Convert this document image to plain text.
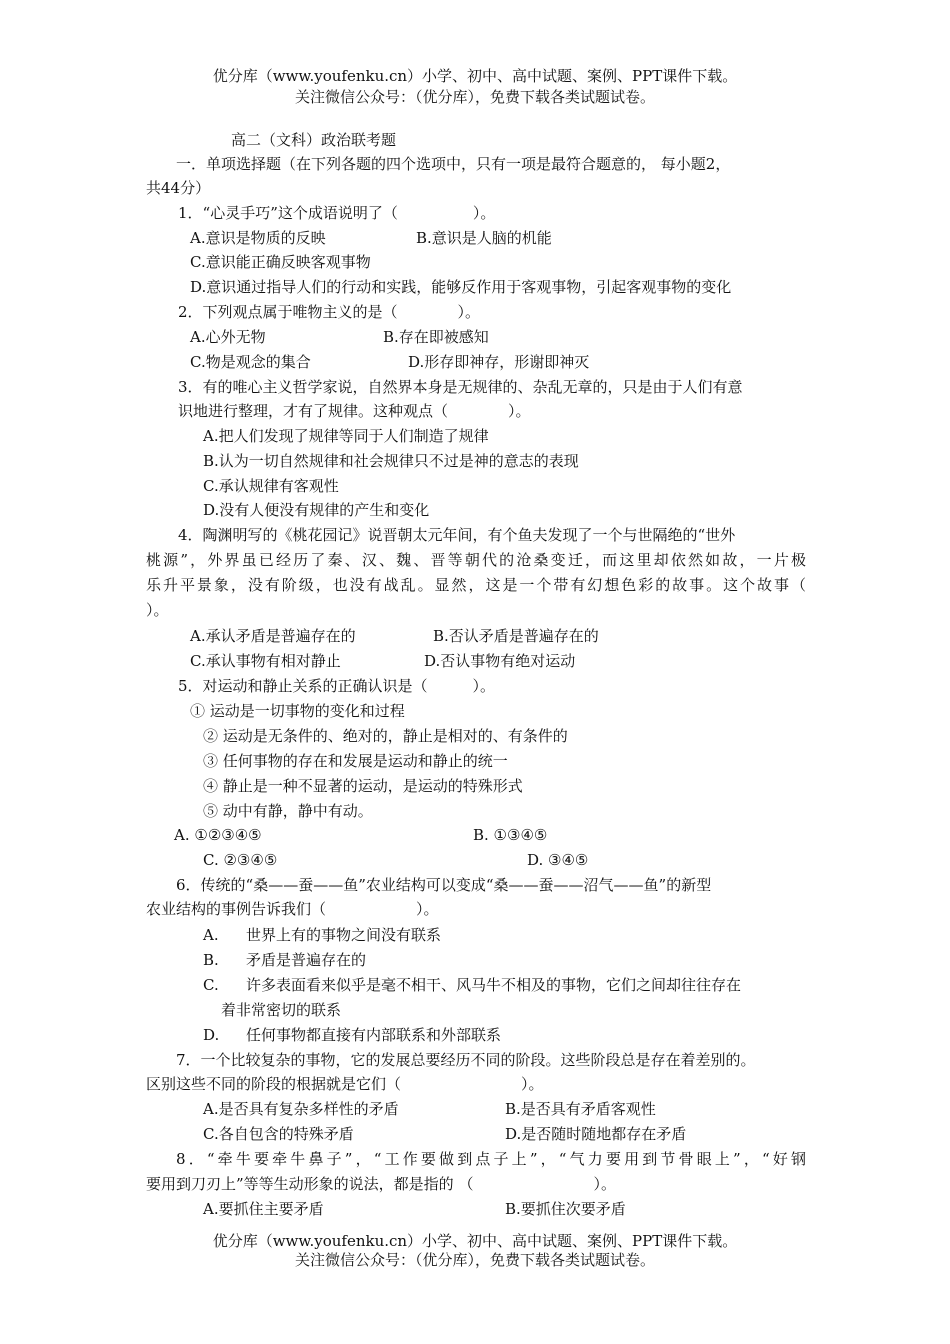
优分库（www.youfenku.cn）小学、初中、高中试题、案例、PPT课件下载。
关注微信公众号：（优分库），免费下载各类试题试卷。
高二（文科）政治联考题
一．单项选择题（在下列各题的四个选项中，只有一项是最符合题意的， 每小题2，
共44分）
1．“心灵手巧”这个成语说明了（　　　　　）。
A.意识是物质的反映	B.意识是人脑的机能
C.意识能正确反映客观事物
D.意识通过指导人们的行动和实践，能够反作用于客观事物，引起客观事物的变化
2．下列观点属于唯物主义的是（　　　　）。
A.心外无物	B.存在即被感知
C.物是观念的集合	D.形存即神存，形谢即神灭
3．有的唯心主义哲学家说，自然界本身是无规律的、杂乱无章的，只是由于人们有意
识地进行整理，才有了规律。这种观点（　　　　）。
A.把人们发现了规律等同于人们制造了规律
B.认为一切自然规律和社会规律只不过是神的意志的表现
C.承认规律有客观性
D.没有人便没有规律的产生和变化
4．陶渊明写的《桃花园记》说晋朝太元年间，有个鱼夫发现了一个与世隔绝的“世外
桃源”，外界虽已经历了秦、汉、魏、晋等朝代的沧桑变迁，而这里却依然如故，一片极
乐升平景象，没有阶级，也没有战乱。显然，这是一个带有幻想色彩的故事。这个故事（
）。
A.承认矛盾是普遍存在的	B.否认矛盾是普遍存在的
C.承认事物有相对静止	D.否认事物有绝对运动
5．对运动和静止关系的正确认识是（　　　）。
① 运动是一切事物的变化和过程
② 运动是无条件的、绝对的，静止是相对的、有条件的
③ 任何事物的存在和发展是运动和静止的统一
④ 静止是一种不显著的运动，是运动的特殊形式
⑤ 动中有静，静中有动。
A. ①②③④⑤	B. ①③④⑤
C. ②③④⑤	D. ③④⑤
6．传统的“桑——蚕——鱼”农业结构可以变成“桑——蚕——沼气——鱼”的新型
农业结构的事例告诉我们（　　　　　　）。
A. 世界上有的事物之间没有联系
B. 矛盾是普遍存在的
C. 许多表面看来似乎是毫不相干、风马牛不相及的事物，它们之间却往往存在
着非常密切的联系
D. 任何事物都直接有内部联系和外部联系
7．一个比较复杂的事物，它的发展总要经历不同的阶段。这些阶段总是存在着差别的。
区别这些不同的阶段的根据就是它们（　　　　　　　　）。
A.是否具有复杂多样性的矛盾	B.是否具有矛盾客观性
C.各自包含的特殊矛盾	D.是否随时随地都存在矛盾
8．“牵牛要牵牛鼻子”，“工作要做到点子上”，“气力要用到节骨眼上”，“好钢
要用到刀刃上”等等生动形象的说法，都是指的 （　　　　　　　　）。
A.要抓住主要矛盾	B.要抓住次要矛盾
优分库（www.youfenku.cn）小学、初中、高中试题、案例、PPT课件下载。
关注微信公众号：（优分库），免费下载各类试题试卷。
